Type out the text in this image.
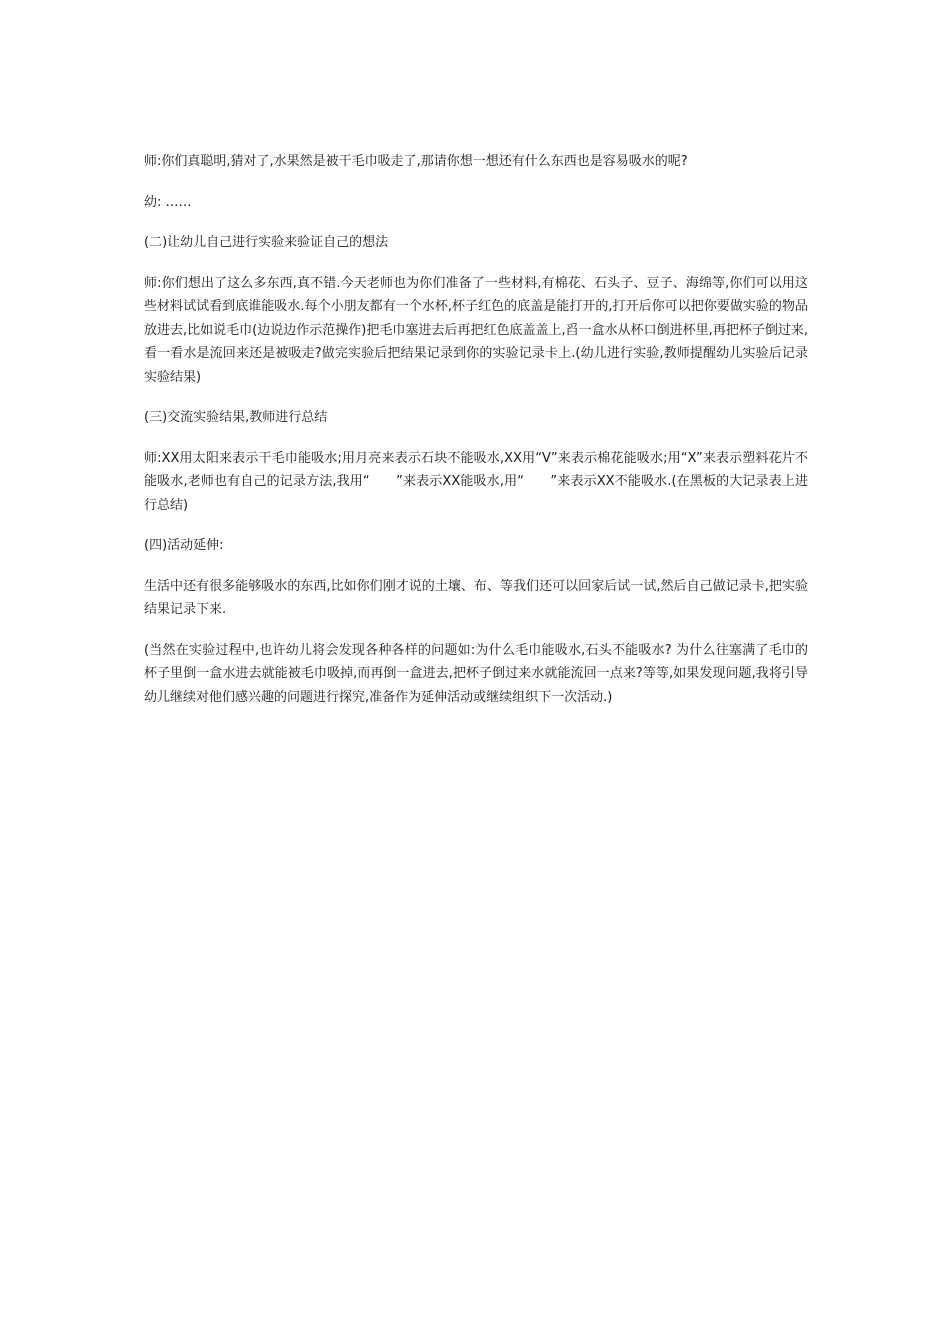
师:你们真聪明,猜对了,水果然是被干毛巾吸走了,那请你想一想还有什么东西也是容易吸水的呢?

幼: ……

(二)让幼儿自己进行实验来验证自己的想法

师:你们想出了这么多东西,真不错.今天老师也为你们准备了一些材料,有棉花、石头子、豆子、海绵等,你们可以用这些材料试试看到底谁能吸水.每个小朋友都有一个水杯,杯子红色的底盖是能打开的,打开后你可以把你要做实验的物品放进去,比如说毛巾(边说边作示范操作)把毛巾塞进去后再把红色底盖盖上,舀一盒水从杯口倒进杯里,再把杯子倒过来,看一看水是流回来还是被吸走?做完实验后把结果记录到你的实验记录卡上.(幼儿进行实验,教师提醒幼儿实验后记录实验结果)

(三)交流实验结果,教师进行总结

师:XX用太阳来表示干毛巾能吸水;用月亮来表示石块不能吸水,XX用“V”来表示棉花能吸水;用“X”来表示塑料花片不能吸水,老师也有自己的记录方法,我用“　　”来表示XX能吸水,用“　　”来表示XX不能吸水.(在黑板的大记录表上进行总结)

(四)活动延伸:

生活中还有很多能够吸水的东西,比如你们刚才说的土壤、布、等我们还可以回家后试一试,然后自己做记录卡,把实验结果记录下来.

(当然在实验过程中,也许幼儿将会发现各种各样的问题如:为什么毛巾能吸水,石头不能吸水? 为什么往塞满了毛巾的杯子里倒一盒水进去就能被毛巾吸掉,而再倒一盒进去,把杯子倒过来水就能流回一点来?等等,如果发现问题,我将引导幼儿继续对他们感兴趣的问题进行探究,准备作为延伸活动或继续组织下一次活动.)
